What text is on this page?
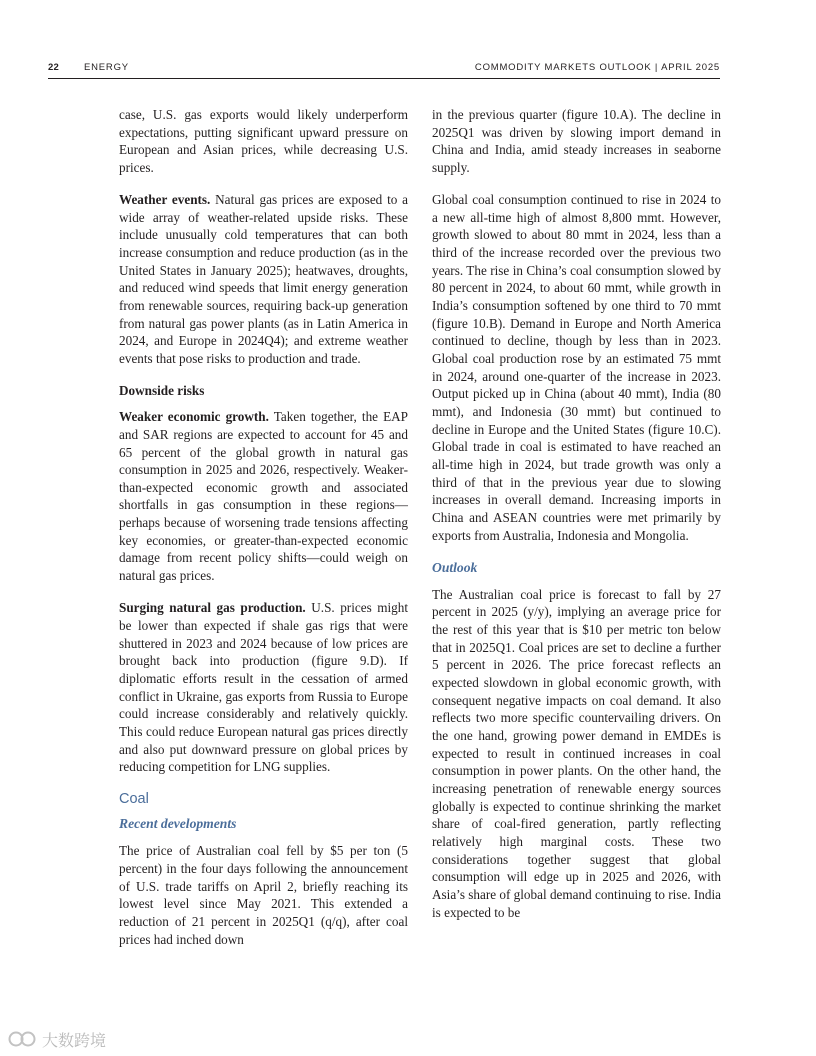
22	ENERGY	COMMODITY MARKETS OUTLOOK | APRIL 2025

case, U.S. gas exports would likely underperform expectations, putting significant upward pressure on European and Asian prices, while decreasing U.S. prices.

Weather events. Natural gas prices are exposed to a wide array of weather-related upside risks. These include unusually cold temperatures that can both increase consumption and reduce production (as in the United States in January 2025); heatwaves, droughts, and reduced wind speeds that limit energy generation from renewable sources, requiring back-up generation from natural gas power plants (as in Latin America in 2024, and Europe in 2024Q4); and extreme weather events that pose risks to production and trade.

Downside risks

Weaker economic growth. Taken together, the EAP and SAR regions are expected to account for 45 and 65 percent of the global growth in natural gas consumption in 2025 and 2026, respectively. Weaker-than-expected economic growth and associated shortfalls in gas consumption in these regions—perhaps because of worsening trade tensions affecting key economies, or greater-than-expected economic damage from recent policy shifts—could weigh on natural gas prices.

Surging natural gas production. U.S. prices might be lower than expected if shale gas rigs that were shuttered in 2023 and 2024 because of low prices are brought back into production (figure 9.D). If diplomatic efforts result in the cessation of armed conflict in Ukraine, gas exports from Russia to Europe could increase considerably and relatively quickly. This could reduce European natural gas prices directly and also put downward pressure on global prices by reducing competition for LNG supplies.

Coal
Recent developments

The price of Australian coal fell by $5 per ton (5 percent) in the four days following the announcement of U.S. trade tariffs on April 2, briefly reaching its lowest level since May 2021. This extended a reduction of 21 percent in 2025Q1 (q/q), after coal prices had inched down

in the previous quarter (figure 10.A). The decline in 2025Q1 was driven by slowing import demand in China and India, amid steady increases in seaborne supply.

Global coal consumption continued to rise in 2024 to a new all-time high of almost 8,800 mmt. However, growth slowed to about 80 mmt in 2024, less than a third of the increase recorded over the previous two years. The rise in China’s coal consumption slowed by 80 percent in 2024, to about 60 mmt, while growth in India’s consumption softened by one third to 70 mmt (figure 10.B). Demand in Europe and North America continued to decline, though by less than in 2023. Global coal production rose by an estimated 75 mmt in 2024, around one-quarter of the increase in 2023. Output picked up in China (about 40 mmt), India (80 mmt), and Indonesia (30 mmt) but continued to decline in Europe and the United States (figure 10.C). Global trade in coal is estimated to have reached an all-time high in 2024, but trade growth was only a third of that in the previous year due to slowing increases in overall demand. Increasing imports in China and ASEAN countries were met primarily by exports from Australia, Indonesia and Mongolia.

Outlook

The Australian coal price is forecast to fall by 27 percent in 2025 (y/y), implying an average price for the rest of this year that is $10 per metric ton below that in 2025Q1. Coal prices are set to decline a further 5 percent in 2026. The price forecast reflects an expected slowdown in global economic growth, with consequent negative impacts on coal demand. It also reflects two more specific countervailing drivers. On the one hand, growing power demand in EMDEs is expected to result in continued increases in coal consumption in power plants. On the other hand, the increasing penetration of renewable energy sources globally is expected to continue shrinking the market share of coal-fired generation, partly reflecting relatively high marginal costs. These two considerations together suggest that global consumption will edge up in 2025 and 2026, with Asia’s share of global demand continuing to rise. India is expected to be

大数跨境
